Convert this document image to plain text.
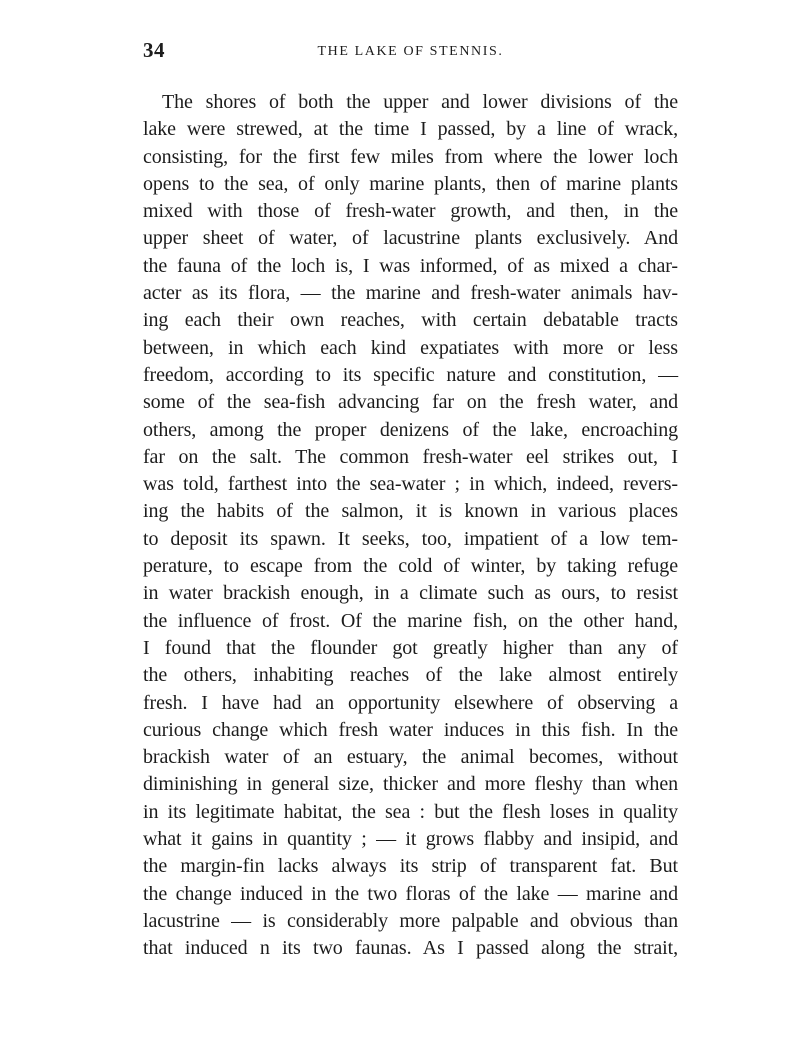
34	THE LAKE OF STENNIS.
The shores of both the upper and lower divisions of the
lake were strewed, at the time I passed, by a line of wrack,
consisting, for the first few miles from where the lower loch
opens to the sea, of only marine plants, then of marine plants
mixed with those of fresh-water growth, and then, in the
upper sheet of water, of lacustrine plants exclusively. And
the fauna of the loch is, I was informed, of as mixed a char-
acter as its flora, — the marine and fresh-water animals hav-
ing each their own reaches, with certain debatable tracts
between, in which each kind expatiates with more or less
freedom, according to its specific nature and constitution, —
some of the sea-fish advancing far on the fresh water, and
others, among the proper denizens of the lake, encroaching
far on the salt. The common fresh-water eel strikes out, I
was told, farthest into the sea-water ; in which, indeed, revers-
ing the habits of the salmon, it is known in various places
to deposit its spawn. It seeks, too, impatient of a low tem-
perature, to escape from the cold of winter, by taking refuge
in water brackish enough, in a climate such as ours, to resist
the influence of frost. Of the marine fish, on the other hand,
I found that the flounder got greatly higher than any of
the others, inhabiting reaches of the lake almost entirely
fresh. I have had an opportunity elsewhere of observing a
curious change which fresh water induces in this fish. In the
brackish water of an estuary, the animal becomes, without
diminishing in general size, thicker and more fleshy than when
in its legitimate habitat, the sea : but the flesh loses in quality
what it gains in quantity ; — it grows flabby and insipid, and
the margin-fin lacks always its strip of transparent fat. But
the change induced in the two floras of the lake — marine and
lacustrine — is considerably more palpable and obvious than
that induced n its two faunas. As I passed along the strait,
